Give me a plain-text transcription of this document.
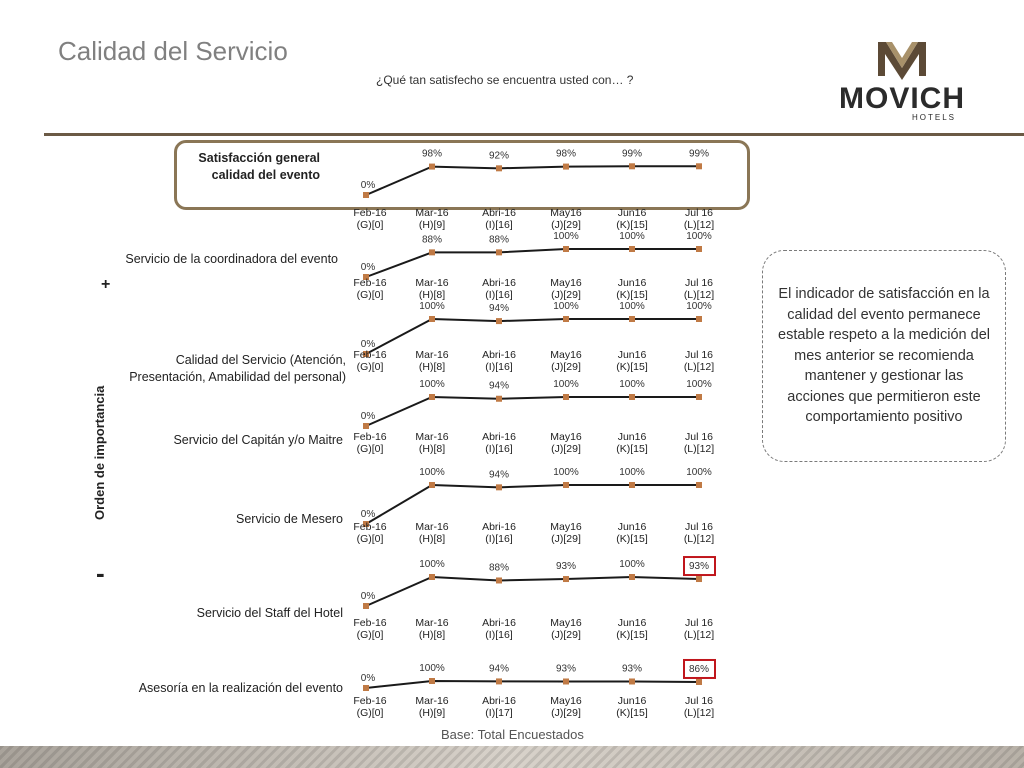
Calidad del Servicio
¿Qué tan satisfecho se encuentra usted con… ?
MOVICH
HOTELS
Satisfacción general
calidad del evento
0%
98%	92%	98%	99%	99%
Feb-16
(G)[0]
Mar-16
(H)[9]
Abri-16
(I)[16]
May16
(J)[29]
Jun16
(K)[15]
Jul 16
(L)[12]
Servicio de la coordinadora del evento
0%
88%	88%	100%	100%	100%
Feb-16
(G)[0]
Mar-16
(H)[8]
Abri-16
(I)[16]
May16
(J)[29]
Jun16
(K)[15]
Jul 16
(L)[12]
Calidad del Servicio (Atención,
Presentación, Amabilidad del personal)
0%
100%	94%	100%	100%	100%
Feb-16
(G)[0]
Mar-16
(H)[8]
Abri-16
(I)[16]
May16
(J)[29]
Jun16
(K)[15]
Jul 16
(L)[12]
Servicio del Capitán y/o Maitre
0%
100%	94%	100%	100%	100%
Feb-16
(G)[0]
Mar-16
(H)[8]
Abri-16
(I)[16]
May16
(J)[29]
Jun16
(K)[15]
Jul 16
(L)[12]
Servicio de Mesero 0%
100%	94%	100%	100%	100%
Feb-16
(G)[0]
Mar-16
(H)[8]
Abri-16
(I)[16]
May16
(J)[29]
Jun16
(K)[15]
Jul 16
(L)[12]
Servicio del Staff del Hotel
0%
100%	88%	93%	100%	93%
Feb-16
(G)[0]
Mar-16
(H)[8]
Abri-16
(I)[16]
May16
(J)[29]
Jun16
(K)[15]
Jul 16
(L)[12]
Asesoría en la realización del evento
0%
100%	94%	93%	93%	86%
Feb-16
(G)[0]
Mar-16
(H)[9]
Abri-16
(I)[17]
May16
(J)[29]
Jun16
(K)[15]
Jul 16
(L)[12]
Orden de importancia
+
-
El indicador de satisfacción en la calidad del evento permanece estable respeto a la medición del mes anterior se recomienda mantener y gestionar las acciones que permitieron este comportamiento positivo
Base: Total Encuestados
